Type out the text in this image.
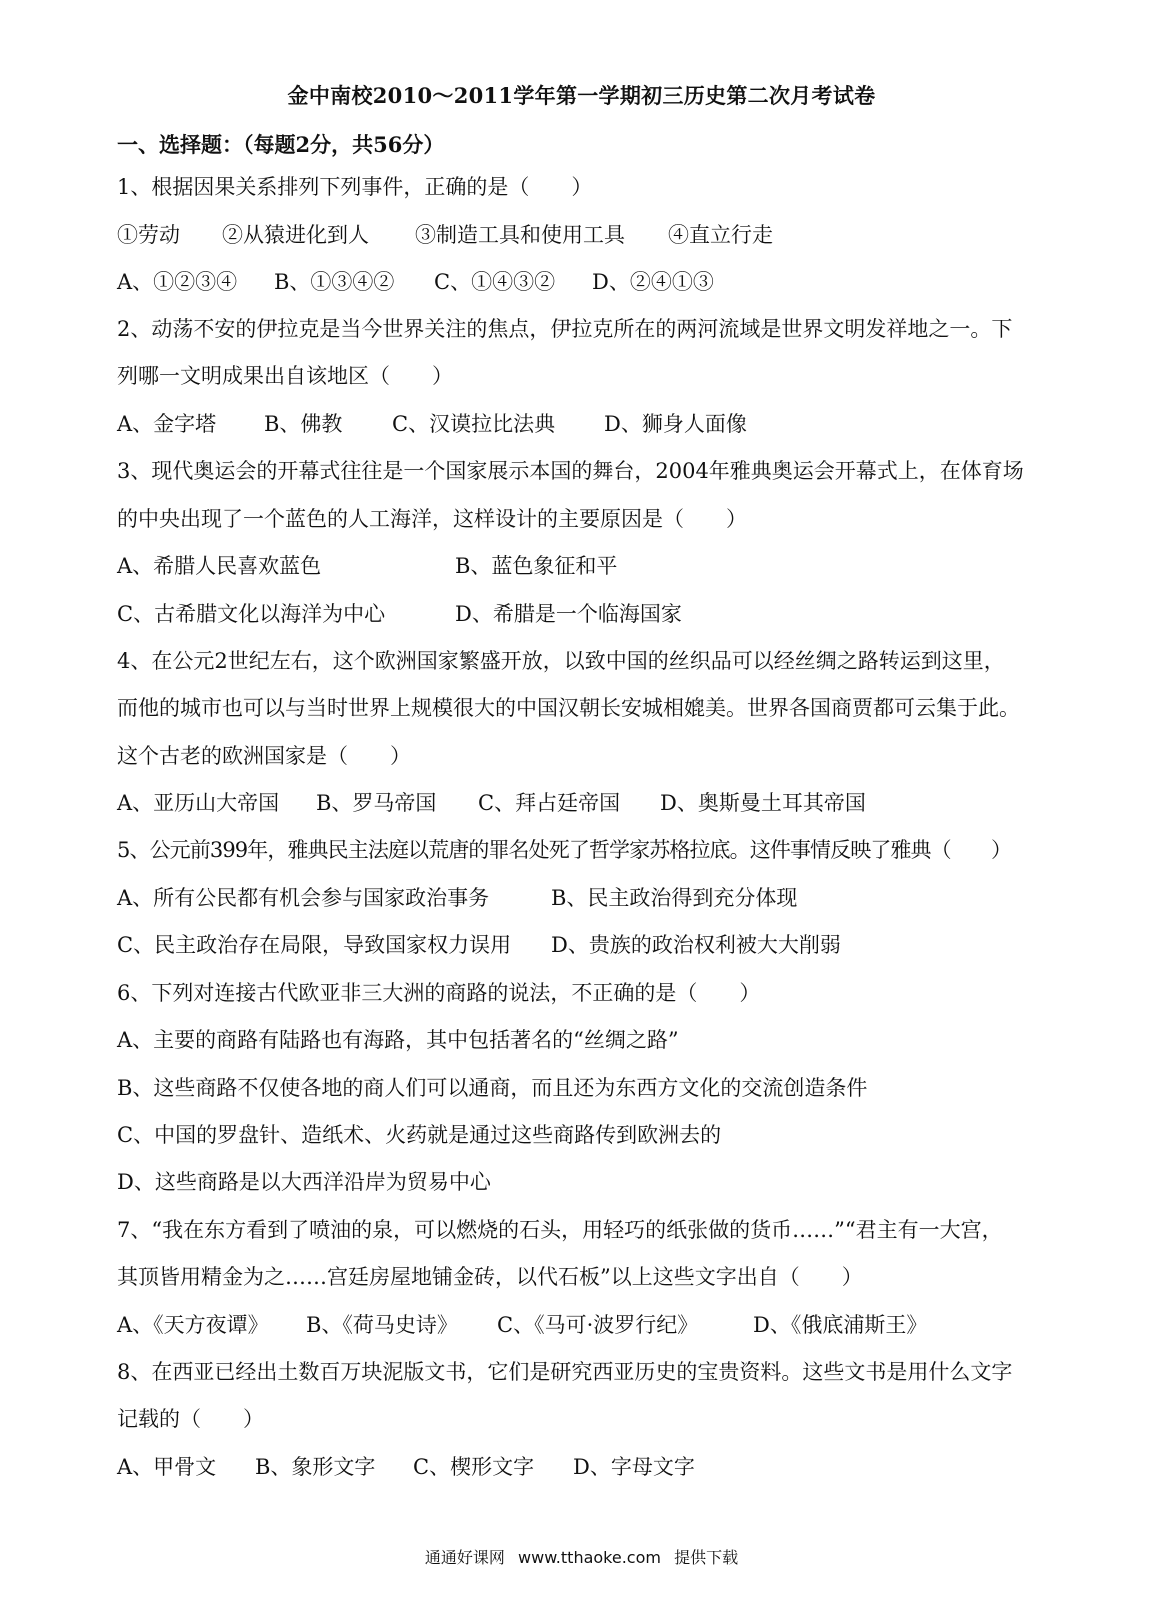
金中南校2010～2011学年第一学期初三历史第二次月考试卷
一、选择题：（每题2分，共56分）
1、根据因果关系排列下列事件，正确的是（　　）
①劳动 ②从猿进化到人 ③制造工具和使用工具 ④直立行走
A、①②③④ B、①③④② C、①④③② D、②④①③
2、动荡不安的伊拉克是当今世界关注的焦点，伊拉克所在的两河流域是世界文明发祥地之一。下
列哪一文明成果出自该地区（　　）
A、金字塔 B、佛教 C、汉谟拉比法典 D、狮身人面像
3、现代奥运会的开幕式往往是一个国家展示本国的舞台，2004年雅典奥运会开幕式上，在体育场
的中央出现了一个蓝色的人工海洋，这样设计的主要原因是（　　）
A、希腊人民喜欢蓝色	B、蓝色象征和平
C、古希腊文化以海洋为中心	D、希腊是一个临海国家
4、在公元2世纪左右，这个欧洲国家繁盛开放，以致中国的丝织品可以经丝绸之路转运到这里，
而他的城市也可以与当时世界上规模很大的中国汉朝长安城相媲美。世界各国商贾都可云集于此。
这个古老的欧洲国家是（　　）
A、亚历山大帝国 B、罗马帝国 C、拜占廷帝国 D、奥斯曼土耳其帝国
5、公元前399年，雅典民主法庭以荒唐的罪名处死了哲学家苏格拉底。这件事情反映了雅典（　　）
A、所有公民都有机会参与国家政治事务	B、民主政治得到充分体现
C、民主政治存在局限，导致国家权力误用 D、贵族的政治权利被大大削弱
6、下列对连接古代欧亚非三大洲的商路的说法，不正确的是（　　）
A、主要的商路有陆路也有海路，其中包括著名的“丝绸之路”
B、这些商路不仅使各地的商人们可以通商，而且还为东西方文化的交流创造条件
C、中国的罗盘针、造纸术、火药就是通过这些商路传到欧洲去的
D、这些商路是以大西洋沿岸为贸易中心
7、“我在东方看到了喷油的泉，可以燃烧的石头，用轻巧的纸张做的货币……”“君主有一大宫，
其顶皆用精金为之……宫廷房屋地铺金砖，以代石板”以上这些文字出自（　　）
A、《天方夜谭》 B、《荷马史诗》 C、《马可·波罗行纪》	D、《俄底浦斯王》
8、在西亚已经出土数百万块泥版文书，它们是研究西亚历史的宝贵资料。这些文书是用什么文字
记载的（　　）
A、甲骨文 B、象形文字 C、楔形文字 D、字母文字
通通好课网 www.tthaoke.com 提供下载
